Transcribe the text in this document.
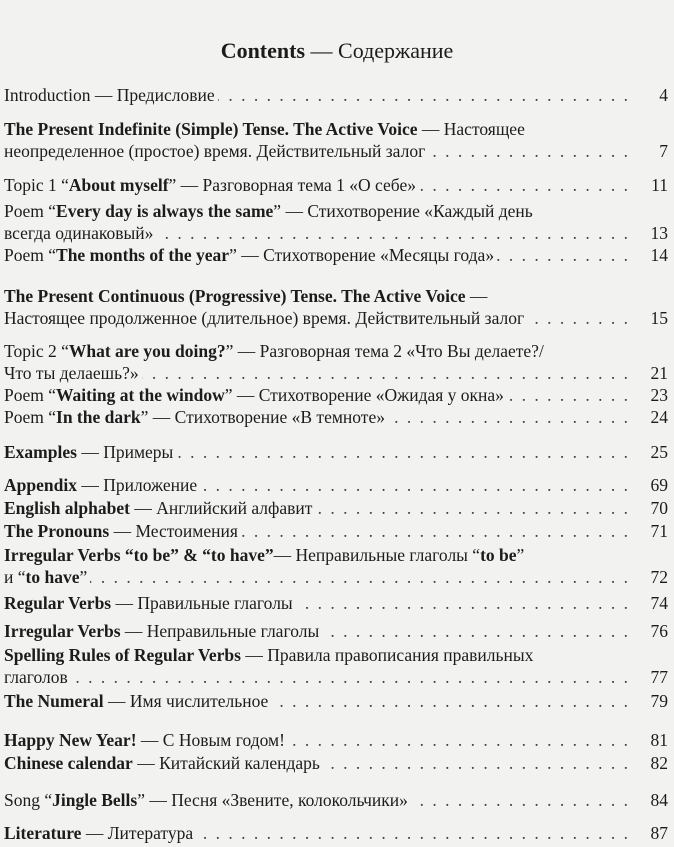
Contents — Содержание
. . .
Introduction — Предисловие	4
The Present Indefinite (Simple) Tense. The Active Voice — Настоящее
. . .
неопределенное (простое) время. Действительный залог	7
. . .
Topic 1 “About myself” — Разговорная тема 1 «О себе»	11
Poem “Every day is always the same” — Стихотворение «Каждый день
. . .
всегда одинаковый»	13
. . .
Poem “The months of the year” — Стихотворение «Месяцы года»	14
The Present Continuous (Progressive) Tense. The Active Voice —
. . .
Настоящее продолженное (длительное) время. Действительный залог	15
Topic 2 “What are you doing?” — Разговорная тема 2 «Что Вы делаете?/
. . .
Что ты делаешь?»	21
. . .
Poem “Waiting at the window” — Стихотворение «Ожидая у окна»	23
. . .
Poem “In the dark” — Стихотворение «В темноте»	24
. . .
Examples — Примеры	25
. . .
Appendix — Приложение	69
. . .
English alphabet — Английский алфавит	70
. . .
The Pronouns — Местоимения	71
Irregular Verbs “to be” & “to have”— Неправильные глаголы “to be”
. . .
и “to have”	72
. . .
Regular Verbs — Правильные глаголы	74
. . .
Irregular Verbs — Неправильные глаголы	76
Spelling Rules of Regular Verbs — Правила правописания правильных
. . .
глаголов	77
. . .
The Numeral — Имя числительное	79
. . .
Happy New Year! — С Новым годом!	81
. . .
Chinese calendar — Китайский календарь	82
. . .
Song “Jingle Bells” — Песня «Звените, колокольчики»	84
. . .
Literature — Литература	87
